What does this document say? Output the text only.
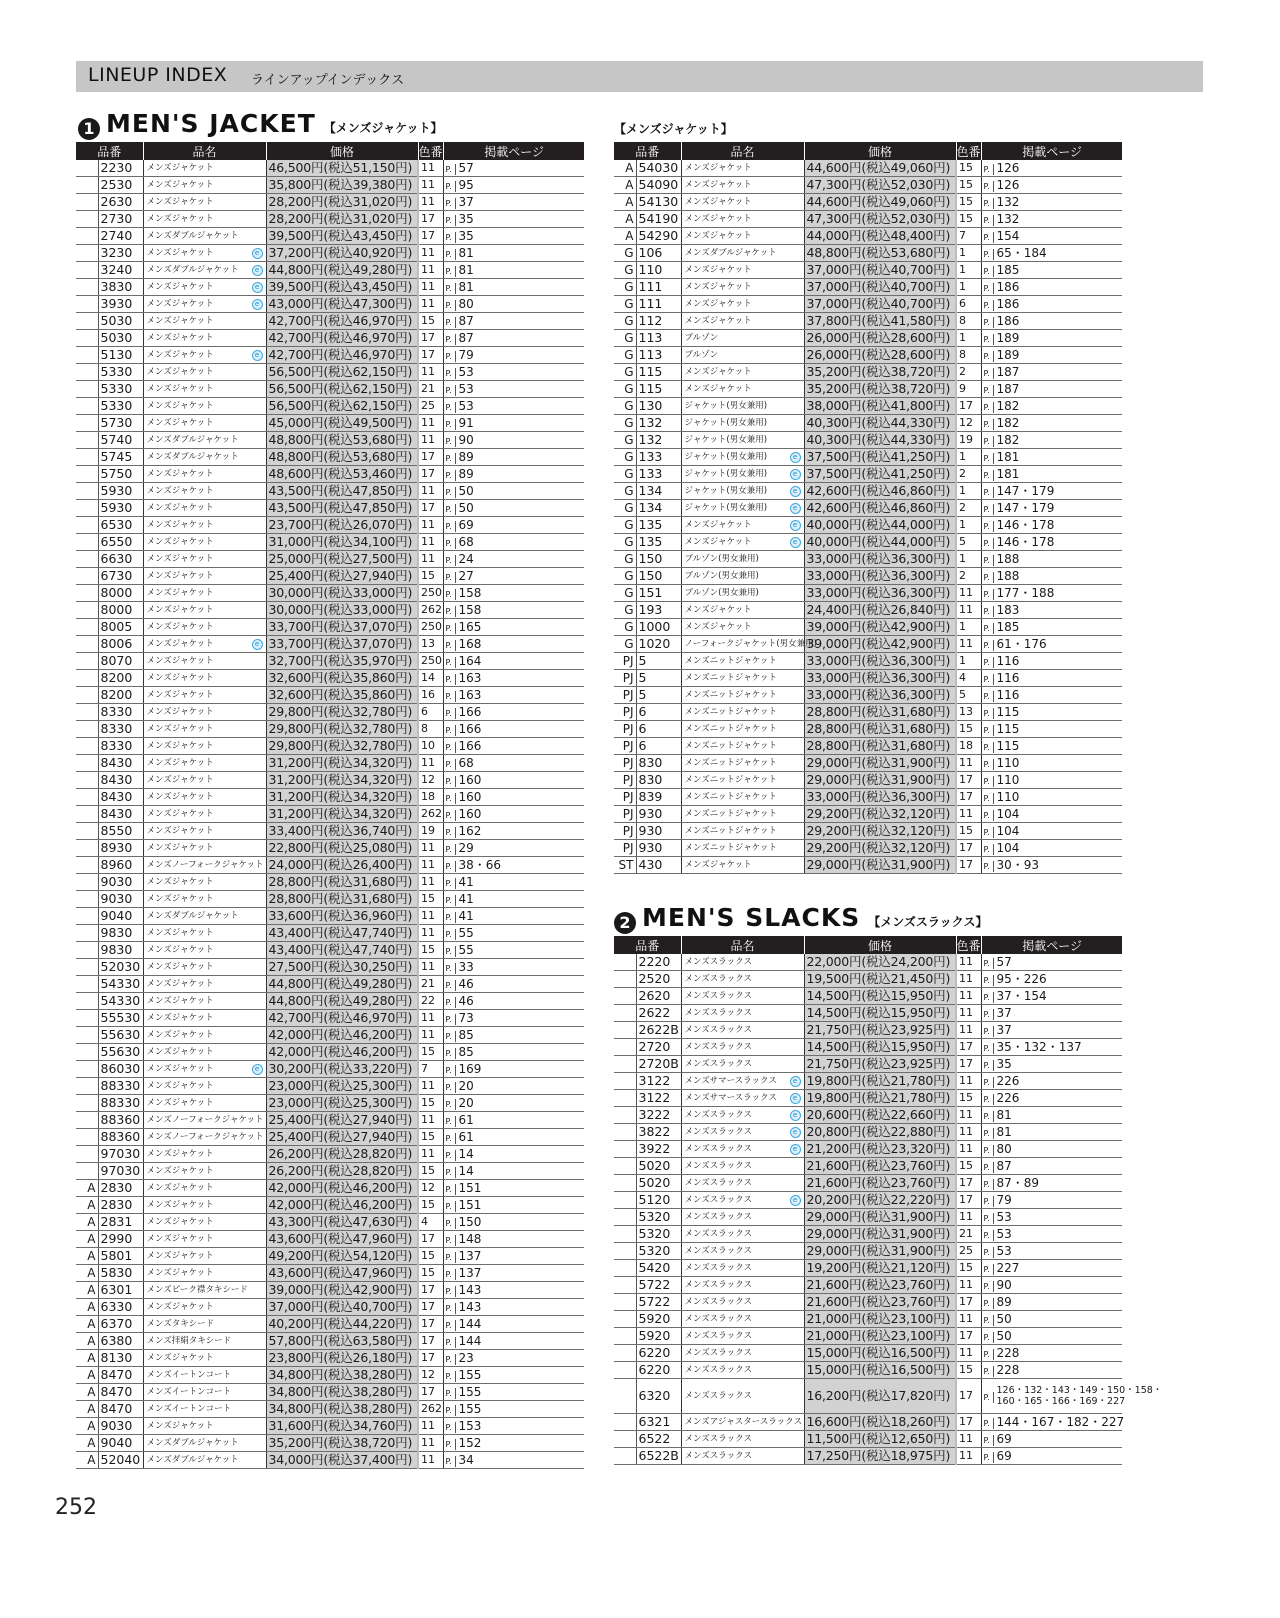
LINEUP INDEX ラインアップインデックス
1 MEN'S JACKET 【メンズジャケット】	【メンズジャケット】
品番	品名	価格	色番	掲載ページ
	2230	メンズジャケット	46,500円(税込51,150円)	11	P. 57
	2530	メンズジャケット	35,800円(税込39,380円)	11	P. 95
	2630	メンズジャケット	28,200円(税込31,020円)	11	P. 37
	2730	メンズジャケット	28,200円(税込31,020円)	17	P. 35
	2740	メンズダブルジャケット	39,500円(税込43,450円)	17	P. 35
	3230	メンズジャケット	e	37,200円(税込40,920円)	11	P. 81
	3240	メンズダブルジャケット	e	44,800円(税込49,280円)	11	P. 81
	3830	メンズジャケット	e	39,500円(税込43,450円)	11	P. 81
	3930	メンズジャケット	e	43,000円(税込47,300円)	11	P. 80
	5030	メンズジャケット	42,700円(税込46,970円)	15	P. 87
	5030	メンズジャケット	42,700円(税込46,970円)	17	P. 87
	5130	メンズジャケット	e	42,700円(税込46,970円)	17	P. 79
	5330	メンズジャケット	56,500円(税込62,150円)	11	P. 53
	5330	メンズジャケット	56,500円(税込62,150円)	21	P. 53
	5330	メンズジャケット	56,500円(税込62,150円)	25	P. 53
	5730	メンズジャケット	45,000円(税込49,500円)	11	P. 91
	5740	メンズダブルジャケット	48,800円(税込53,680円)	11	P. 90
	5745	メンズダブルジャケット	48,800円(税込53,680円)	17	P. 89
	5750	メンズジャケット	48,600円(税込53,460円)	17	P. 89
	5930	メンズジャケット	43,500円(税込47,850円)	11	P. 50
	5930	メンズジャケット	43,500円(税込47,850円)	17	P. 50
	6530	メンズジャケット	23,700円(税込26,070円)	11	P. 69
	6550	メンズジャケット	31,000円(税込34,100円)	11	P. 68
	6630	メンズジャケット	25,000円(税込27,500円)	11	P. 24
	6730	メンズジャケット	25,400円(税込27,940円)	15	P. 27
	8000	メンズジャケット	30,000円(税込33,000円)	250	P. 158
	8000	メンズジャケット	30,000円(税込33,000円)	262	P. 158
	8005	メンズジャケット	33,700円(税込37,070円)	250	P. 165
	8006	メンズジャケット	e	33,700円(税込37,070円)	13	P. 168
	8070	メンズジャケット	32,700円(税込35,970円)	250	P. 164
	8200	メンズジャケット	32,600円(税込35,860円)	14	P. 163
	8200	メンズジャケット	32,600円(税込35,860円)	16	P. 163
	8330	メンズジャケット	29,800円(税込32,780円)	6	P. 166
	8330	メンズジャケット	29,800円(税込32,780円)	8	P. 166
	8330	メンズジャケット	29,800円(税込32,780円)	10	P. 166
	8430	メンズジャケット	31,200円(税込34,320円)	11	P. 68
	8430	メンズジャケット	31,200円(税込34,320円)	12	P. 160
	8430	メンズジャケット	31,200円(税込34,320円)	18	P. 160
	8430	メンズジャケット	31,200円(税込34,320円)	262	P. 160
	8550	メンズジャケット	33,400円(税込36,740円)	19	P. 162
	8930	メンズジャケット	22,800円(税込25,080円)	11	P. 29
	8960	メンズノーフォークジャケット	24,000円(税込26,400円)	11	P. 38・66
	9030	メンズジャケット	28,800円(税込31,680円)	11	P. 41
	9030	メンズジャケット	28,800円(税込31,680円)	15	P. 41
	9040	メンズダブルジャケット	33,600円(税込36,960円)	11	P. 41
	9830	メンズジャケット	43,400円(税込47,740円)	11	P. 55
	9830	メンズジャケット	43,400円(税込47,740円)	15	P. 55
	52030	メンズジャケット	27,500円(税込30,250円)	11	P. 33
	54330	メンズジャケット	44,800円(税込49,280円)	21	P. 46
	54330	メンズジャケット	44,800円(税込49,280円)	22	P. 46
	55530	メンズジャケット	42,700円(税込46,970円)	11	P. 73
	55630	メンズジャケット	42,000円(税込46,200円)	11	P. 85
	55630	メンズジャケット	42,000円(税込46,200円)	15	P. 85
	86030	メンズジャケット	e	30,200円(税込33,220円)	7	P. 169
	88330	メンズジャケット	23,000円(税込25,300円)	11	P. 20
	88330	メンズジャケット	23,000円(税込25,300円)	15	P. 20
	88360	メンズノーフォークジャケット	25,400円(税込27,940円)	11	P. 61
	88360	メンズノーフォークジャケット	25,400円(税込27,940円)	15	P. 61
	97030	メンズジャケット	26,200円(税込28,820円)	11	P. 14
	97030	メンズジャケット	26,200円(税込28,820円)	15	P. 14
A	2830	メンズジャケット	42,000円(税込46,200円)	12	P. 151
A	2830	メンズジャケット	42,000円(税込46,200円)	15	P. 151
A	2831	メンズジャケット	43,300円(税込47,630円)	4	P. 150
A	2990	メンズジャケット	43,600円(税込47,960円)	17	P. 148
A	5801	メンズジャケット	49,200円(税込54,120円)	15	P. 137
A	5830	メンズジャケット	43,600円(税込47,960円)	15	P. 137
A	6301	メンズピーク襟タキシード	39,000円(税込42,900円)	17	P. 143
A	6330	メンズジャケット	37,000円(税込40,700円)	17	P. 143
A	6370	メンズタキシード	40,200円(税込44,220円)	17	P. 144
A	6380	メンズ拝絹タキシード	57,800円(税込63,580円)	17	P. 144
A	8130	メンズジャケット	23,800円(税込26,180円)	17	P. 23
A	8470	メンズイートンコート	34,800円(税込38,280円)	12	P. 155
A	8470	メンズイートンコート	34,800円(税込38,280円)	17	P. 155
A	8470	メンズイートンコート	34,800円(税込38,280円)	262	P. 155
A	9030	メンズジャケット	31,600円(税込34,760円)	11	P. 153
A	9040	メンズダブルジャケット	35,200円(税込38,720円)	11	P. 152
A	52040	メンズダブルジャケット	34,000円(税込37,400円)	11	P. 34
品番	品名	価格	色番	掲載ページ
A	54030	メンズジャケット	44,600円(税込49,060円)	15	P. 126
A	54090	メンズジャケット	47,300円(税込52,030円)	15	P. 126
A	54130	メンズジャケット	44,600円(税込49,060円)	15	P. 132
A	54190	メンズジャケット	47,300円(税込52,030円)	15	P. 132
A	54290	メンズジャケット	44,000円(税込48,400円)	7	P. 154
G	106	メンズダブルジャケット	48,800円(税込53,680円)	1	P. 65・184
G	110	メンズジャケット	37,000円(税込40,700円)	1	P. 185
G	111	メンズジャケット	37,000円(税込40,700円)	1	P. 186
G	111	メンズジャケット	37,000円(税込40,700円)	6	P. 186
G	112	メンズジャケット	37,800円(税込41,580円)	8	P. 186
G	113	ブルゾン	26,000円(税込28,600円)	1	P. 189
G	113	ブルゾン	26,000円(税込28,600円)	8	P. 189
G	115	メンズジャケット	35,200円(税込38,720円)	2	P. 187
G	115	メンズジャケット	35,200円(税込38,720円)	9	P. 187
G	130	ジャケット(男女兼用)	38,000円(税込41,800円)	17	P. 182
G	132	ジャケット(男女兼用)	40,300円(税込44,330円)	12	P. 182
G	132	ジャケット(男女兼用)	40,300円(税込44,330円)	19	P. 182
G	133	ジャケット(男女兼用)	e	37,500円(税込41,250円)	1	P. 181
G	133	ジャケット(男女兼用)	e	37,500円(税込41,250円)	2	P. 181
G	134	ジャケット(男女兼用)	e	42,600円(税込46,860円)	1	P. 147・179
G	134	ジャケット(男女兼用)	e	42,600円(税込46,860円)	2	P. 147・179
G	135	メンズジャケット	e	40,000円(税込44,000円)	1	P. 146・178
G	135	メンズジャケット	e	40,000円(税込44,000円)	5	P. 146・178
G	150	ブルゾン(男女兼用)	33,000円(税込36,300円)	1	P. 188
G	150	ブルゾン(男女兼用)	33,000円(税込36,300円)	2	P. 188
G	151	ブルゾン(男女兼用)	33,000円(税込36,300円)	11	P. 177・188
G	193	メンズジャケット	24,400円(税込26,840円)	11	P. 183
G	1000	メンズジャケット	39,000円(税込42,900円)	1	P. 185
G	1020	ノーフォークジャケット(男女兼用)	39,000円(税込42,900円)	11	P. 61・176
PJ	5	メンズニットジャケット	33,000円(税込36,300円)	1	P. 116
PJ	5	メンズニットジャケット	33,000円(税込36,300円)	4	P. 116
PJ	5	メンズニットジャケット	33,000円(税込36,300円)	5	P. 116
PJ	6	メンズニットジャケット	28,800円(税込31,680円)	13	P. 115
PJ	6	メンズニットジャケット	28,800円(税込31,680円)	15	P. 115
PJ	6	メンズニットジャケット	28,800円(税込31,680円)	18	P. 115
PJ	830	メンズニットジャケット	29,000円(税込31,900円)	11	P. 110
PJ	830	メンズニットジャケット	29,000円(税込31,900円)	17	P. 110
PJ	839	メンズニットジャケット	33,000円(税込36,300円)	17	P. 110
PJ	930	メンズニットジャケット	29,200円(税込32,120円)	11	P. 104
PJ	930	メンズニットジャケット	29,200円(税込32,120円)	15	P. 104
PJ	930	メンズニットジャケット	29,200円(税込32,120円)	17	P. 104
ST	430	メンズジャケット	29,000円(税込31,900円)	17	P. 30・93
2 MEN'S SLACKS 【メンズスラックス】
品番	品名	価格	色番	掲載ページ
	2220	メンズスラックス	22,000円(税込24,200円)	11	P. 57
	2520	メンズスラックス	19,500円(税込21,450円)	11	P. 95・226
	2620	メンズスラックス	14,500円(税込15,950円)	11	P. 37・154
	2622	メンズスラックス	14,500円(税込15,950円)	11	P. 37
	2622B	メンズスラックス	21,750円(税込23,925円)	11	P. 37
	2720	メンズスラックス	14,500円(税込15,950円)	17	P. 35・132・137
	2720B	メンズスラックス	21,750円(税込23,925円)	17	P. 35
	3122	メンズサマースラックス	e	19,800円(税込21,780円)	11	P. 226
	3122	メンズサマースラックス	e	19,800円(税込21,780円)	15	P. 226
	3222	メンズスラックス	e	20,600円(税込22,660円)	11	P. 81
	3822	メンズスラックス	e	20,800円(税込22,880円)	11	P. 81
	3922	メンズスラックス	e	21,200円(税込23,320円)	11	P. 80
	5020	メンズスラックス	21,600円(税込23,760円)	15	P. 87
	5020	メンズスラックス	21,600円(税込23,760円)	17	P. 87・89
	5120	メンズスラックス	e	20,200円(税込22,220円)	17	P. 79
	5320	メンズスラックス	29,000円(税込31,900円)	11	P. 53
	5320	メンズスラックス	29,000円(税込31,900円)	21	P. 53
	5320	メンズスラックス	29,000円(税込31,900円)	25	P. 53
	5420	メンズスラックス	19,200円(税込21,120円)	15	P. 227
	5722	メンズスラックス	21,600円(税込23,760円)	11	P. 90
	5722	メンズスラックス	21,600円(税込23,760円)	17	P. 89
	5920	メンズスラックス	21,000円(税込23,100円)	11	P. 50
	5920	メンズスラックス	21,000円(税込23,100円)	17	P. 50
	6220	メンズスラックス	15,000円(税込16,500円)	11	P. 228
	6220	メンズスラックス	15,000円(税込16,500円)	15	P. 228
	6320	メンズスラックス	16,200円(税込17,820円)	17	P.
126・132・143・149・150・158・
160・165・166・169・227

	6321	メンズアジャスタースラックス	16,600円(税込18,260円)	17	P. 144・167・182・227
	6522	メンズスラックス	11,500円(税込12,650円)	11	P. 69
	6522B	メンズスラックス	17,250円(税込18,975円)	11	P. 69
252
